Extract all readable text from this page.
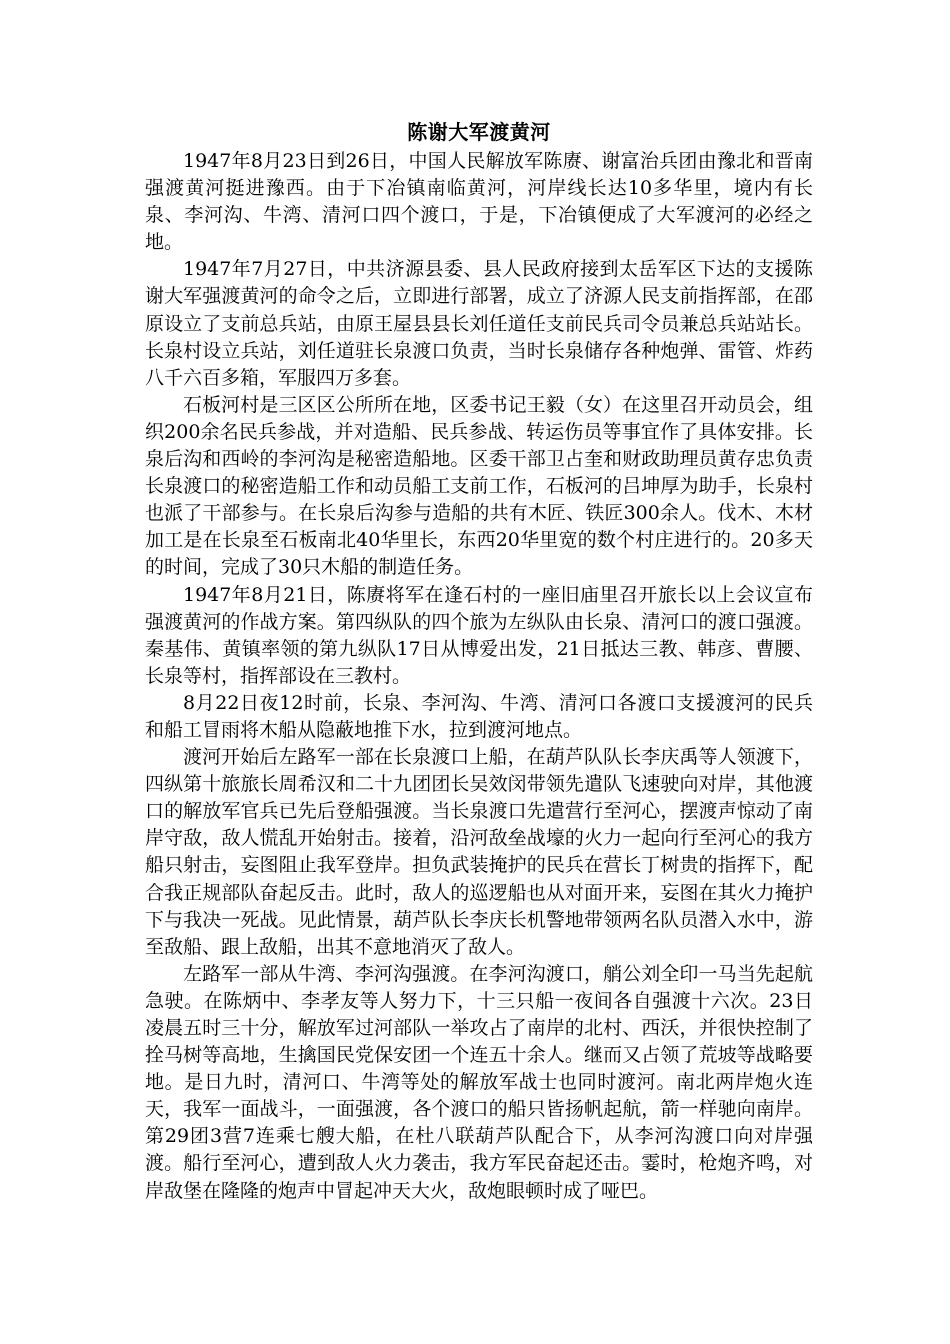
陈谢大军渡黄河

1947年8月23日到26日，中国人民解放军陈赓、谢富治兵团由豫北和晋南强渡黄河挺进豫西。由于下冶镇南临黄河，河岸线长达10多华里，境内有长泉、李河沟、牛湾、清河口四个渡口，于是，下冶镇便成了大军渡河的必经之地。

1947年7月27日，中共济源县委、县人民政府接到太岳军区下达的支援陈谢大军强渡黄河的命令之后，立即进行部署，成立了济源人民支前指挥部，在邵原设立了支前总兵站，由原王屋县县长刘任道任支前民兵司令员兼总兵站站长。长泉村设立兵站，刘任道驻长泉渡口负责，当时长泉储存各种炮弹、雷管、炸药八千六百多箱，军服四万多套。

石板河村是三区区公所所在地，区委书记王毅（女）在这里召开动员会，组织200余名民兵参战，并对造船、民兵参战、转运伤员等事宜作了具体安排。长泉后沟和西岭的李河沟是秘密造船地。区委干部卫占奎和财政助理员黄存忠负责长泉渡口的秘密造船工作和动员船工支前工作，石板河的吕坤厚为助手，长泉村也派了干部参与。在长泉后沟参与造船的共有木匠、铁匠300余人。伐木、木材加工是在长泉至石板南北40华里长，东西20华里宽的数个村庄进行的。20多天的时间，完成了30只木船的制造任务。

1947年8月21日，陈赓将军在逢石村的一座旧庙里召开旅长以上会议宣布强渡黄河的作战方案。第四纵队的四个旅为左纵队由长泉、清河口的渡口强渡。秦基伟、黄镇率领的第九纵队17日从博爱出发，21日抵达三教、韩彦、曹腰、长泉等村，指挥部设在三教村。

8月22日夜12时前，长泉、李河沟、牛湾、清河口各渡口支援渡河的民兵和船工冒雨将木船从隐蔽地推下水，拉到渡河地点。

渡河开始后左路军一部在长泉渡口上船，在葫芦队队长李庆禹等人领渡下，四纵第十旅旅长周希汉和二十九团团长吴效闵带领先遣队飞速驶向对岸，其他渡口的解放军官兵已先后登船强渡。当长泉渡口先遣营行至河心，摆渡声惊动了南岸守敌，敌人慌乱开始射击。接着，沿河敌垒战壕的火力一起向行至河心的我方船只射击，妄图阻止我军登岸。担负武装掩护的民兵在营长丁树贵的指挥下，配合我正规部队奋起反击。此时，敌人的巡逻船也从对面开来，妄图在其火力掩护下与我决一死战。见此情景，葫芦队长李庆长机警地带领两名队员潜入水中，游至敌船、跟上敌船，出其不意地消灭了敌人。

左路军一部从牛湾、李河沟强渡。在李河沟渡口，艄公刘全印一马当先起航急驶。在陈炳中、李孝友等人努力下，十三只船一夜间各自强渡十六次。23日凌晨五时三十分，解放军过河部队一举攻占了南岸的北村、西沃，并很快控制了拴马树等高地，生擒国民党保安团一个连五十余人。继而又占领了荒坡等战略要地。是日九时，清河口、牛湾等处的解放军战士也同时渡河。南北两岸炮火连天，我军一面战斗，一面强渡，各个渡口的船只皆扬帆起航，箭一样驰向南岸。第29团3营7连乘七艘大船，在杜八联葫芦队配合下，从李河沟渡口向对岸强渡。船行至河心，遭到敌人火力袭击，我方军民奋起还击。霎时，枪炮齐鸣，对岸敌堡在隆隆的炮声中冒起冲天大火，敌炮眼顿时成了哑巴。
